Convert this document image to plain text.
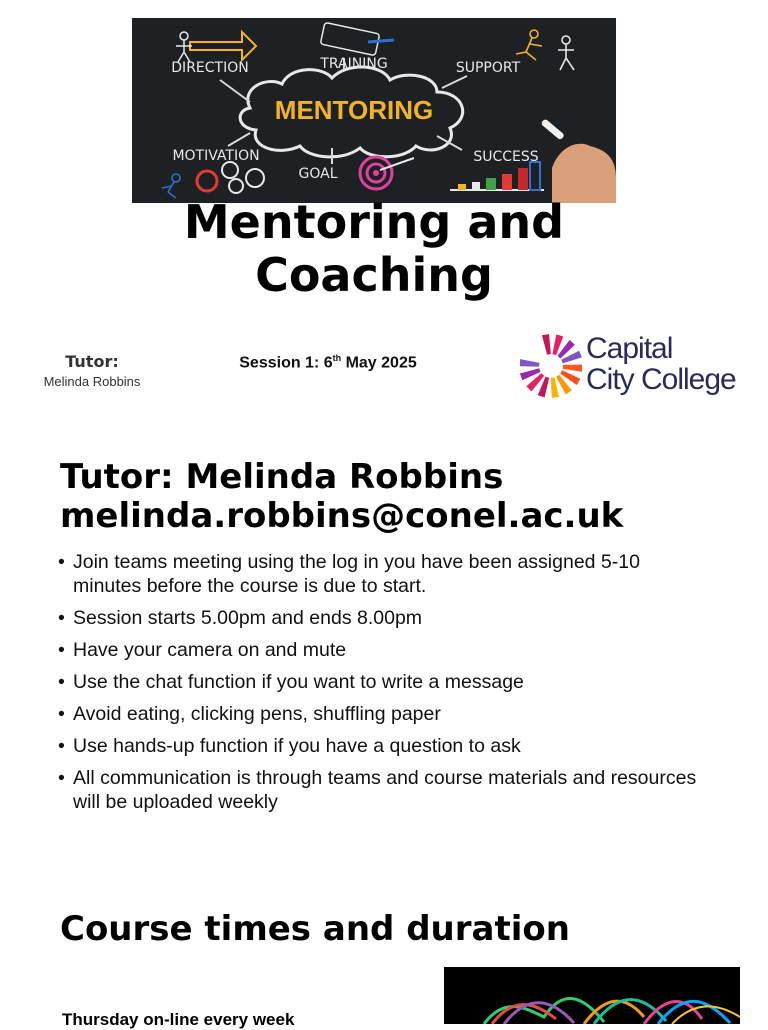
MENTORING
DIRECTION	TRAINING	SUPPORT
MOTIVATION
GOAL
SUCCESS
Mentoring and
Coaching
Tutor:
Melinda Robbins
Session 1: 6th May 2025	Capital
City College
Tutor: Melinda Robbins
melinda.robbins@conel.ac.uk
• Join teams meeting using the log in you have been assigned 5-10 minutes before the course is due to start.
• Session starts 5.00pm and ends 8.00pm
• Have your camera on and mute
• Use the chat function if you want to write a message
• Avoid eating, clicking pens, shuffling paper
• Use hands-up function if you have a question to ask
• All communication is through teams and course materials and resources will be uploaded weekly
Course times and duration
Thursday on-line every week
